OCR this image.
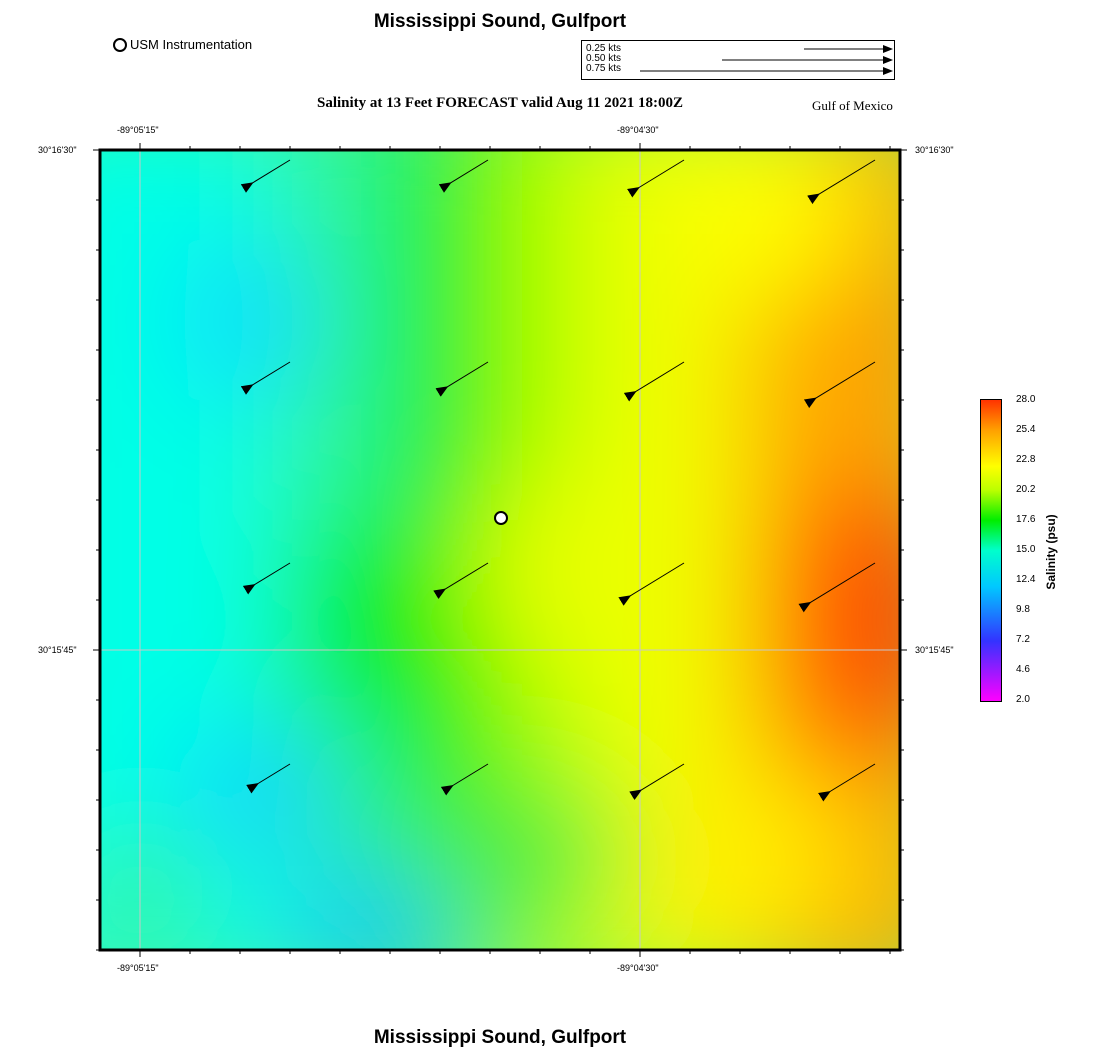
Mississippi Sound, Gulfport
USM Instrumentation	0.25 kts
0.50 kts
0.75 kts
Salinity at 13 Feet FORECAST valid Aug 11 2021 18:00Z	Gulf of Mexico
-89°05'15"	-89°04'30"
-89°05'15"	-89°04'30"
30°16'30"
30°15'45"
30°16'30"
30°15'45"
28.0
25.4
22.8
20.2
17.6
15.0
12.4
9.8
7.2
4.6
2.0
Salinity (psu)
Mississippi Sound, Gulfport
